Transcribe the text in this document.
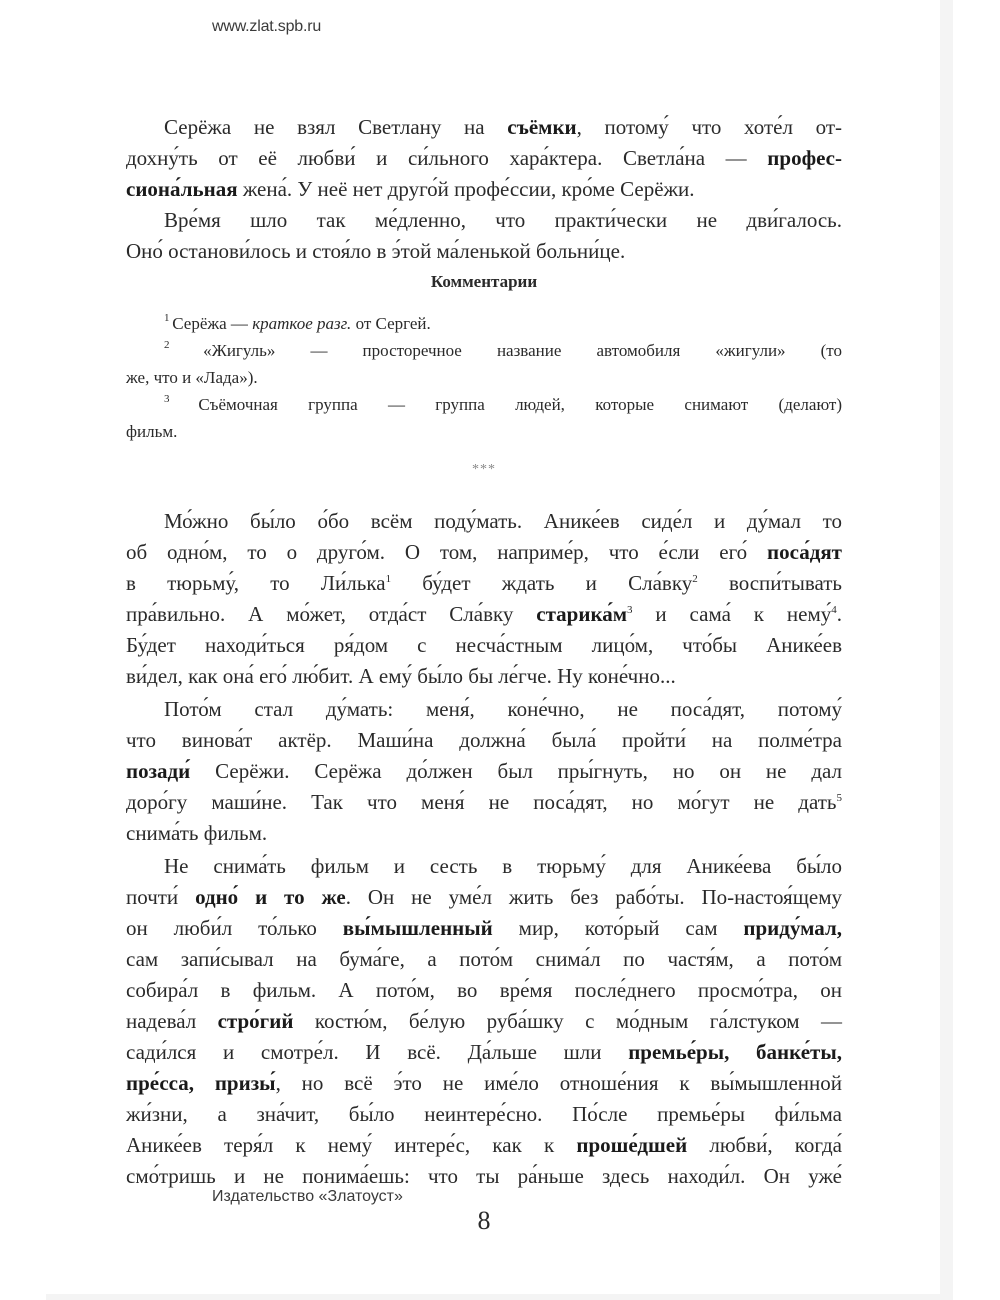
www.zlat.spb.ru
Серёжа не взял Светлану на съёмки, потому́ что хоте́л от-
дохну́ть от её любви́ и си́льного хара́ктера. Светла́на — профес-
сиона́льная жена́. У неё нет друго́й профе́ссии, кро́ме Серёжи.
Вре́мя шло так ме́дленно, что практи́чески не дви́галось.
Оно́ останови́лось и стоя́ло в э́той ма́ленькой больни́це.
Комментарии
$^1$ Серёжа — краткое разг. от Сергей.
$^2$ «Жигуль» — просторечное название автомобиля «жигули» (то
же, что и «Лада»).
$^3$ Съёмочная группа — группа людей, которые снимают (делают)
фильм.
***
Мо́жно бы́ло о́бо всём поду́мать. Анике́ев сиде́л и ду́мал то
об одно́м, то о друго́м. О том, наприме́р, что е́сли его́ поса́дят
в тюрьму́, то Ли́лька$^1$ бу́дет ждать и Сла́вку$^2$ воспи́тывать
пра́вильно. А мо́жет, отда́ст Сла́вку $старика́м^3$ и сама́ к нему́$^4$.
Бу́дет находи́ться ря́дом с несча́стным лицо́м, что́бы Анике́ев
ви́дел, как она́ его́ лю́бит. А ему́ бы́ло бы ле́гче. Ну коне́чно...
Пото́м стал ду́мать: меня́, коне́чно, не поса́дят, потому́
что винова́т актёр. Маши́на должна́ была́ пройти́ на полме́тра
позади́ Серёжи. Серёжа до́лжен был пры́гнуть, но он не дал
доро́гу маши́не. Так что меня́ не поса́дят, но мо́гут не дать$^5$
снима́ть фильм.
Не снима́ть фильм и сесть в тюрьму́ для Анике́ева бы́ло
почти́ одно́ и то же. Он не уме́л жить без рабо́ты. По-настоя́щему
он люби́л то́лько вы́мышленный мир, кото́рый сам приду́мал,
сам запи́сывал на бума́ге, а пото́м снима́л по частя́м, а пото́м
собира́л в фильм. А пото́м, во вре́мя после́днего просмо́тра, он
надева́л стро́гий костю́м, бе́лую руба́шку с мо́дным га́лстуком —
сади́лся и смотре́л. И всё. Да́льше шли премье́ры, банке́ты,
пре́сса, призы́, но всё э́то не име́ло отноше́ния к вы́мышленной
жи́зни, а зна́чит, бы́ло неинтере́сно. По́сле премье́ры фи́льма
Анике́ев теря́л к нему́ интере́с, как к проше́дшей любви́, когда́
смо́тришь и не понима́ешь: что ты ра́ньше здесь находи́л. Он уже́
Издательство «Златоуст»
8
